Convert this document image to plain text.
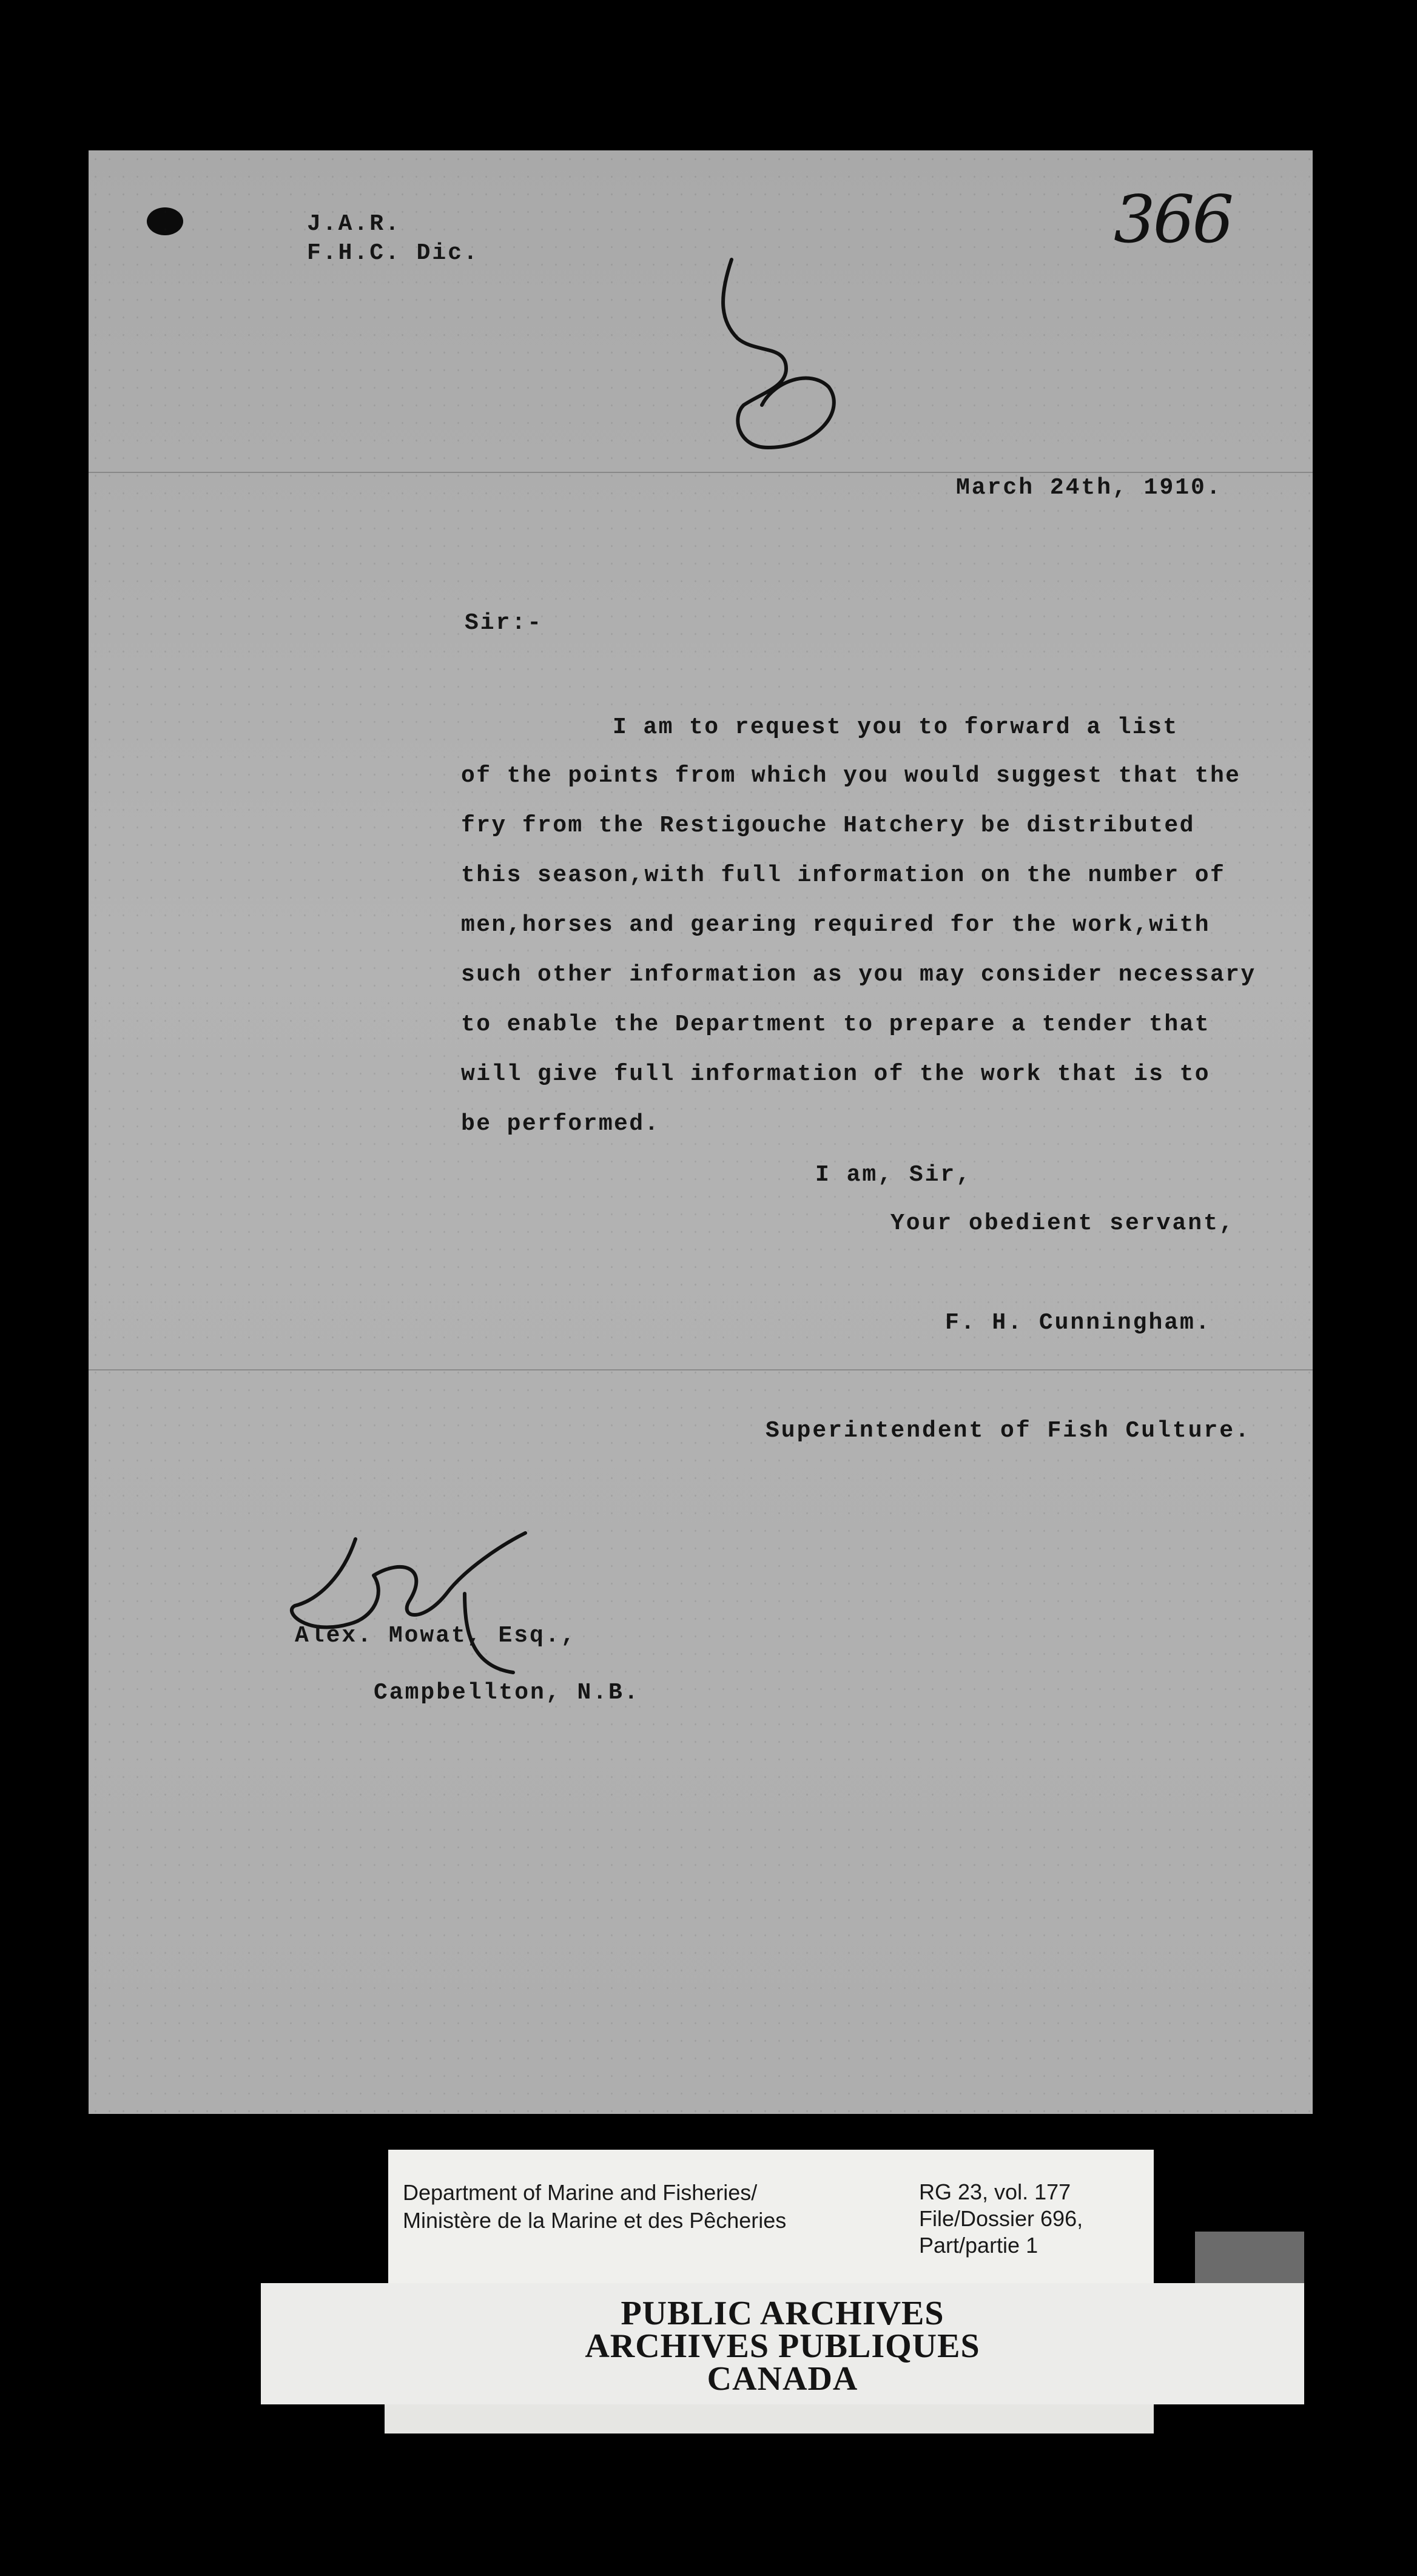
J.A.R.
F.H.C. Dic.	366
March 24th, 1910.
Sir:-
I am to request you to forward a list
of the points from which you would suggest that the
fry from the Restigouche Hatchery be distributed
this season,with full information on the number of
men,horses and gearing required for the work,with
such other information as you may consider necessary
to enable the Department to prepare a tender that
will give full information of the work that is to
be performed.
I am, Sir,
Your obedient servant,
F. H. Cunningham.
Superintendent of Fish Culture.
Alex. Mowat, Esq.,
Campbellton, N.B.
Department of Marine and Fisheries/
Ministère de la Marine et des Pêcheries
RG 23, vol. 177
File/Dossier 696,
Part/partie 1
PUBLIC ARCHIVES
ARCHIVES PUBLIQUES
CANADA
